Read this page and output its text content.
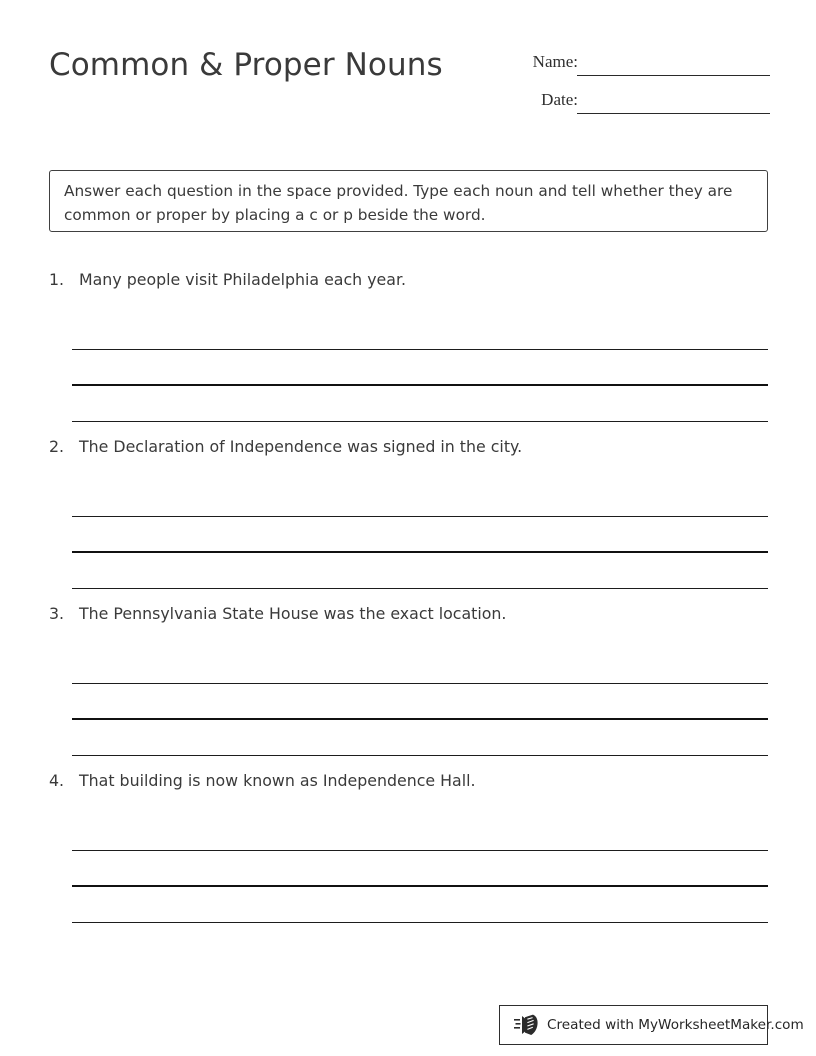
Common & Proper Nouns	Name:
Date:
Answer each question in the space provided. Type each noun and tell whether they are common or proper by placing a c or p beside the word.
1. Many people visit Philadelphia each year.
2. The Declaration of Independence was signed in the city.
3. The Pennsylvania State House was the exact location.
4. That building is now known as Independence Hall.
Created with MyWorksheetMaker.com
